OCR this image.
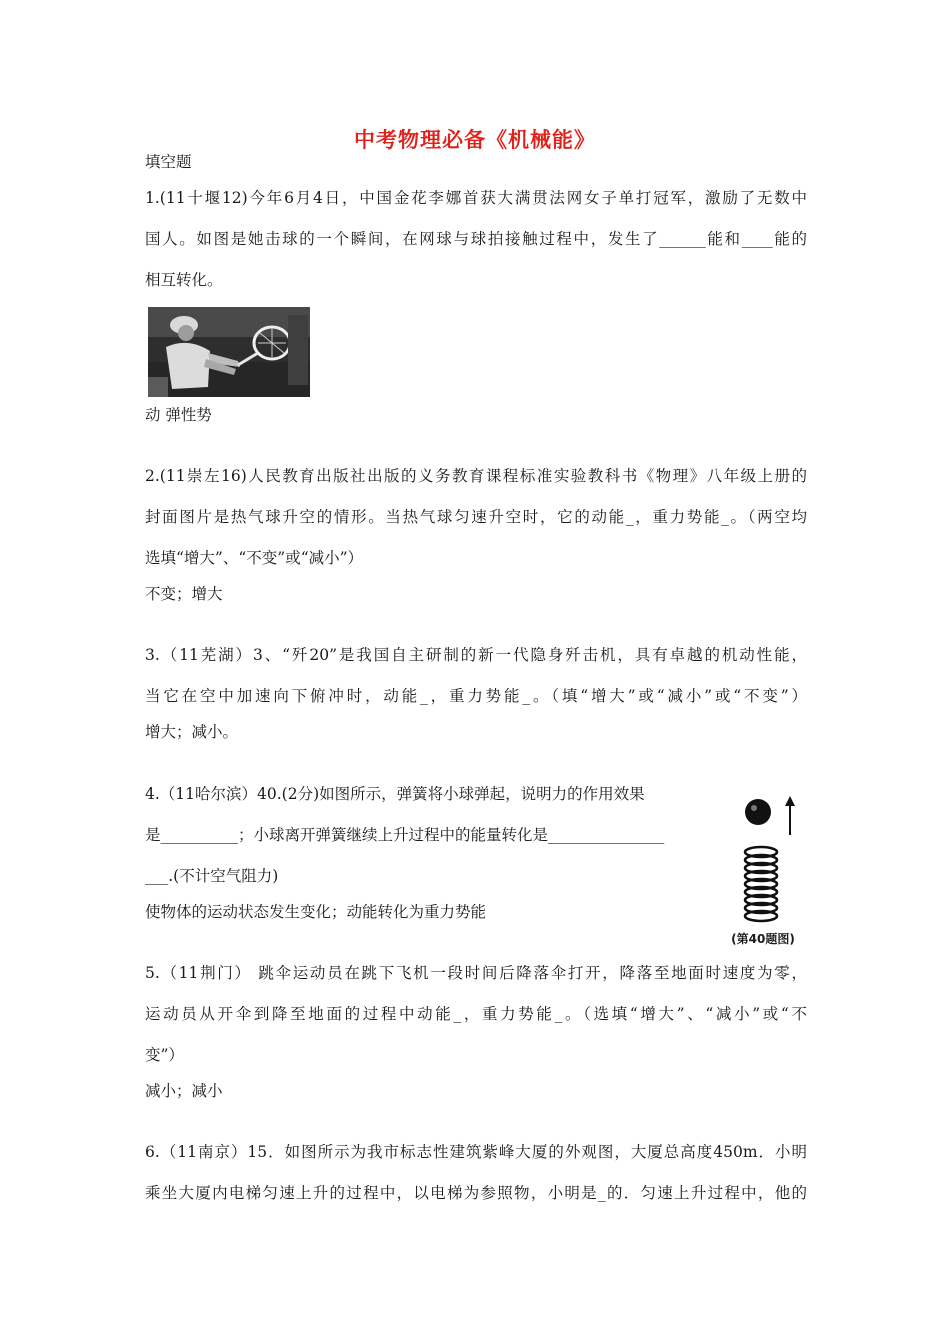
中考物理必备《机械能》
填空题
1.(11十堰12)今年6月4日，中国金花李娜首获大满贯法网女子单打冠军，激励了无数中
国人。如图是她击球的一个瞬间，在网球与球拍接触过程中，发生了______能和____能的
相互转化。
动 弹性势
2.(11崇左16)人民教育出版社出版的义务教育课程标准实验教科书《物理》八年级上册的
封面图片是热气球升空的情形。当热气球匀速升空时，它的动能_，重力势能_。（两空均
选填“增大”、“不变”或“减小”）
不变；增大
3.（11芜湖）3、“歼20”是我国自主研制的新一代隐身歼击机，具有卓越的机动性能，
当它在空中加速向下俯冲时，动能_，重力势能_。（填“增大”或“减小”或“不变”）
增大；减小。
4.（11哈尔滨）40.(2分)如图所示，弹簧将小球弹起，说明力的作用效果
是__________；小球离开弹簧继续上升过程中的能量转化是_______________
___.(不计空气阻力)
使物体的运动状态发生变化；动能转化为重力势能
(第40题图)
5.（11荆门） 跳伞运动员在跳下飞机一段时间后降落伞打开，降落至地面时速度为零，
运动员从开伞到降至地面的过程中动能_，重力势能_。（选填“增大”、“减小”或“不
变”）
减小；减小
6.（11南京）15．如图所示为我市标志性建筑紫峰大厦的外观图，大厦总高度450m．小明
乘坐大厦内电梯匀速上升的过程中，以电梯为参照物，小明是_的．匀速上升过程中，他的
